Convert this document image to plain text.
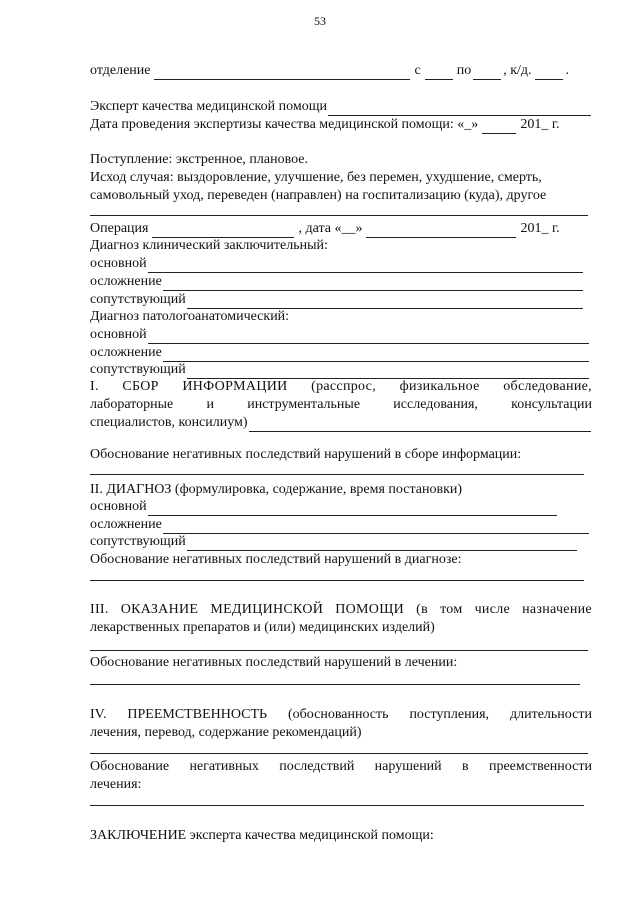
53
отделение	с	по , к/д. .
Эксперт качества медицинской помощи
Дата проведения экспертизы качества медицинской помощи: «_»	201_ г.
Поступление: экстренное, плановое.
Исход случая: выздоровление, улучшение, без перемен, ухудшение, смерть,
самовольный уход, переведен (направлен) на госпитализацию (куда), другое
Операция	, дата «__»	201_ г.
Диагноз клинический заключительный:
основной
осложнение
сопутствующий
Диагноз патологоанатомический:
основной
осложнение
сопутствующий
I. СБОР ИНФОРМАЦИИ (расспрос, физикальное обследование,
лабораторные и инструментальные исследования, консультации
специалистов, консилиум)
Обоснование негативных последствий нарушений в сборе информации:
II. ДИАГНОЗ (формулировка, содержание, время постановки)
основной
осложнение
сопутствующий
Обоснование негативных последствий нарушений в диагнозе:
III. ОКАЗАНИЕ МЕДИЦИНСКОЙ ПОМОЩИ (в том числе назначение
лекарственных препаратов и (или) медицинских изделий)
Обоснование негативных последствий нарушений в лечении:
IV. ПРЕЕМСТВЕННОСТЬ (обоснованность поступления, длительности
лечения, перевод, содержание рекомендаций)
Обоснование негативных последствий нарушений в преемственности
лечения:
ЗАКЛЮЧЕНИЕ эксперта качества медицинской помощи:
